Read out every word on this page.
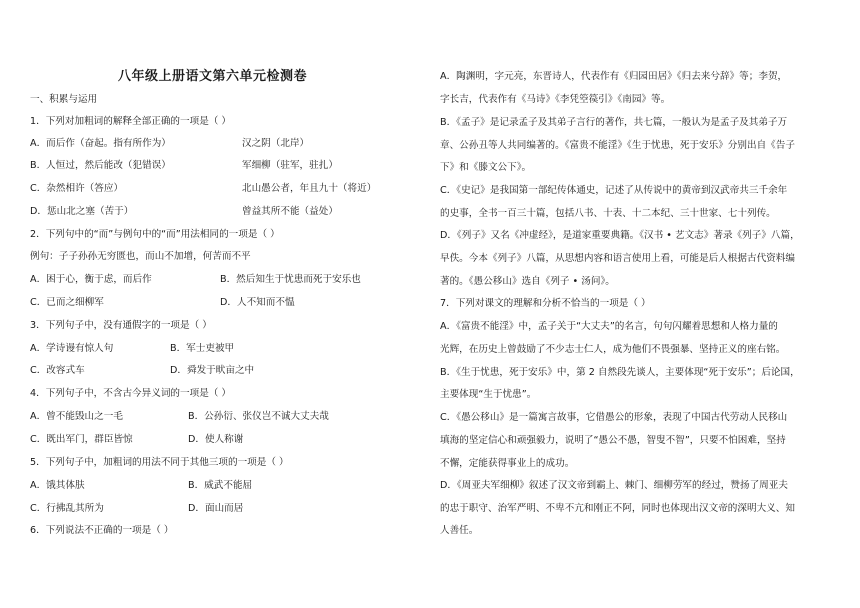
八年级上册语文第六单元检测卷
一、积累与运用
1．下列对加粗词的解释全部正确的一项是（ ）
A．而后作（奋起。指有所作为）	汉之阴（北岸）
B．人恒过，然后能改（犯错误）	军细柳（驻军，驻扎）
C．杂然相许（答应）	北山愚公者，年且九十（将近）
D．惩山北之塞（苦于）	曾益其所不能（益处）
2．下列句中的“而”与例句中的“而”用法相同的一项是（ ）
例句：子子孙孙无穷匮也，而山不加增，何苦而不平
A．困于心，衡于虑，而后作	B．然后知生于忧患而死于安乐也
C．已而之细柳军	D．人不知而不愠
3．下列句子中，没有通假字的一项是（ ）
A．学诗谩有惊人句	B．军士吏被甲
C．改容式车	D．舜发于畎亩之中
4．下列句子中，不含古今异义词的一项是（ ）
A．曾不能毁山之一毛	B．公孙衍、张仪岂不诚大丈夫哉
C．既出军门，群臣皆惊	D．使人称谢
5．下列句子中，加粗词的用法不同于其他三项的一项是（ ）
A．饿其体肤	B．威武不能屈
C．行拂乱其所为	D．面山而居
6．下列说法不正确的一项是（ ）
A．陶渊明，字元亮，东晋诗人，代表作有《归园田居》《归去来兮辞》等；李贺，
字长吉，代表作有《马诗》《李凭箜篌引》《南园》等。
B．《孟子》是记录孟子及其弟子言行的著作，共七篇，一般认为是孟子及其弟子万
章、公孙丑等人共同编著的。《富贵不能淫》《生于忧患，死于安乐》分别出自《告子
下》和《滕文公下》。
C．《史记》是我国第一部纪传体通史，记述了从传说中的黄帝到汉武帝共三千余年
的史事，全书一百三十篇，包括八书、十表、十二本纪、三十世家、七十列传。
D．《列子》又名《冲虚经》，是道家重要典籍。《汉书 • 艺文志》著录《列子》八篇，
早佚。今本《列子》八篇，从思想内容和语言使用上看，可能是后人根据古代资料编
著的。《愚公移山》选自《列子 • 汤问》。
7．下列对课文的理解和分析不恰当的一项是（ ）
A．《富贵不能淫》中，孟子关于“大丈夫”的名言，句句闪耀着思想和人格力量的
光辉，在历史上曾鼓励了不少志士仁人，成为他们不畏强暴、坚持正义的座右铭。
B．《生于忧患，死于安乐》中，第 2 自然段先谈人，主要体现“死于安乐”；后论国，
主要体现“生于忧患”。
C．《愚公移山》是一篇寓言故事，它借愚公的形象，表现了中国古代劳动人民移山
填海的坚定信心和顽强毅力，说明了“愚公不愚，智叟不智”，只要不怕困难，坚持
不懈，定能获得事业上的成功。
D．《周亚夫军细柳》叙述了汉文帝到霸上、棘门、细柳劳军的经过，赞扬了周亚夫
的忠于职守、治军严明、不卑不亢和刚正不阿，同时也体现出汉文帝的深明大义、知
人善任。
